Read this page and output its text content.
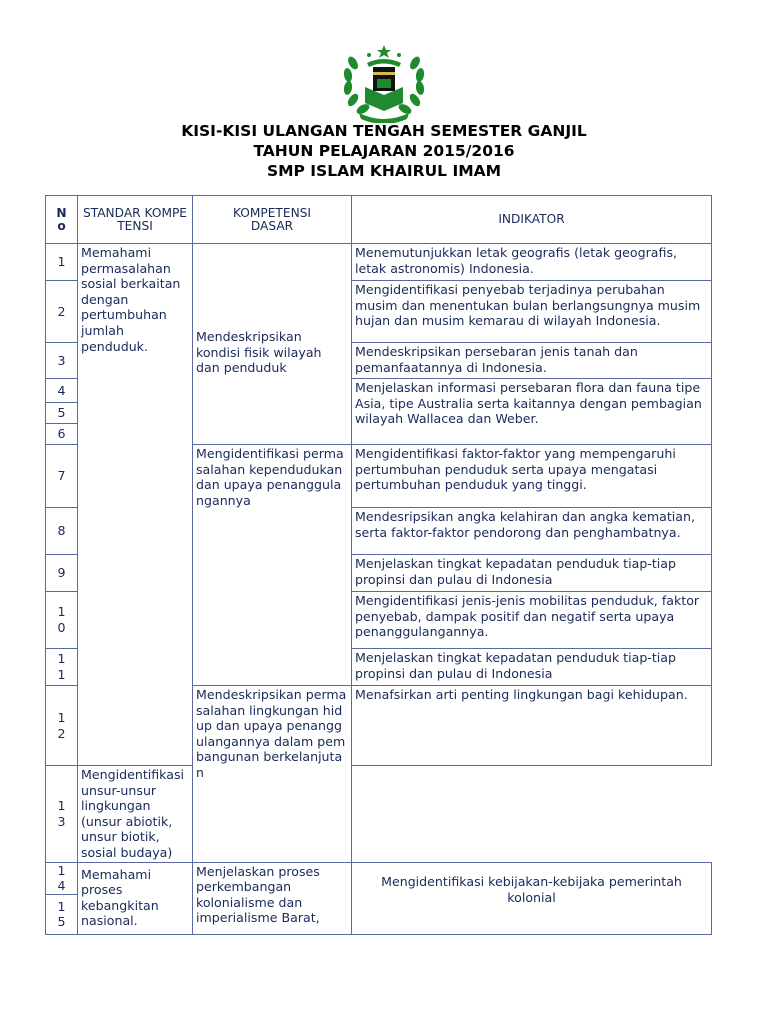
KISI-KISI ULANGAN TENGAH SEMESTER GANJIL
TAHUN PELAJARAN 2015/2016
SMP ISLAM KHAIRUL IMAM
No	STANDAR KOMPETENSI	KOMPETENSI DASAR	INDIKATOR
1	Memahami permasalahan sosial berkaitan dengan pertumbuhan jumlah penduduk.	Mendeskripsikan kondisi fisik wilayah dan penduduk	Menemutunjukkan letak geografis (letak geografis, letak astronomis) Indonesia.
2			Mengidentifikasi penyebab terjadinya perubahan musim dan menentukan bulan berlangsungnya musim hujan dan musim kemarau di wilayah Indonesia.
3			Mendeskripsikan persebaran jenis tanah dan pemanfaatannya di Indonesia.
4			Menjelaskan informasi persebaran flora dan fauna tipe Asia, tipe Australia serta kaitannya dengan pembagian wilayah Wallacea dan Weber.
5			
6			
7		Mengidentifikasi permasalahan kependudukan dan upaya penanggulangannya	Mengidentifikasi faktor-faktor yang mempengaruhi pertumbuhan penduduk serta upaya mengatasi pertumbuhan penduduk yang tinggi.
8			Mendesripsikan angka kelahiran dan angka kematian, serta faktor-faktor pendorong dan penghambatnya.
9			Menjelaskan tingkat kepadatan penduduk tiap-tiap propinsi dan pulau di Indonesia
10			Mengidentifikasi jenis-jenis mobilitas penduduk, faktor penyebab, dampak positif dan negatif serta upaya penanggulangannya.
11			Menjelaskan tingkat kepadatan penduduk tiap-tiap propinsi dan pulau di Indonesia
12		Mendeskripsikan permasalahan lingkungan hidup dan upaya penanggulangannya dalam pembangunan berkelanjutan	Menafsirkan arti penting lingkungan bagi kehidupan.
13	Mengidentifikasi unsur-unsur lingkungan (unsur abiotik, unsur biotik, sosial budaya)		
14	Memahami proses kebangkitan nasional.	Menjelaskan proses perkembangan kolonialisme dan imperialisme Barat,	Mengidentifikasi kebijakan-kebijaka pemerintah kolonial
15			
